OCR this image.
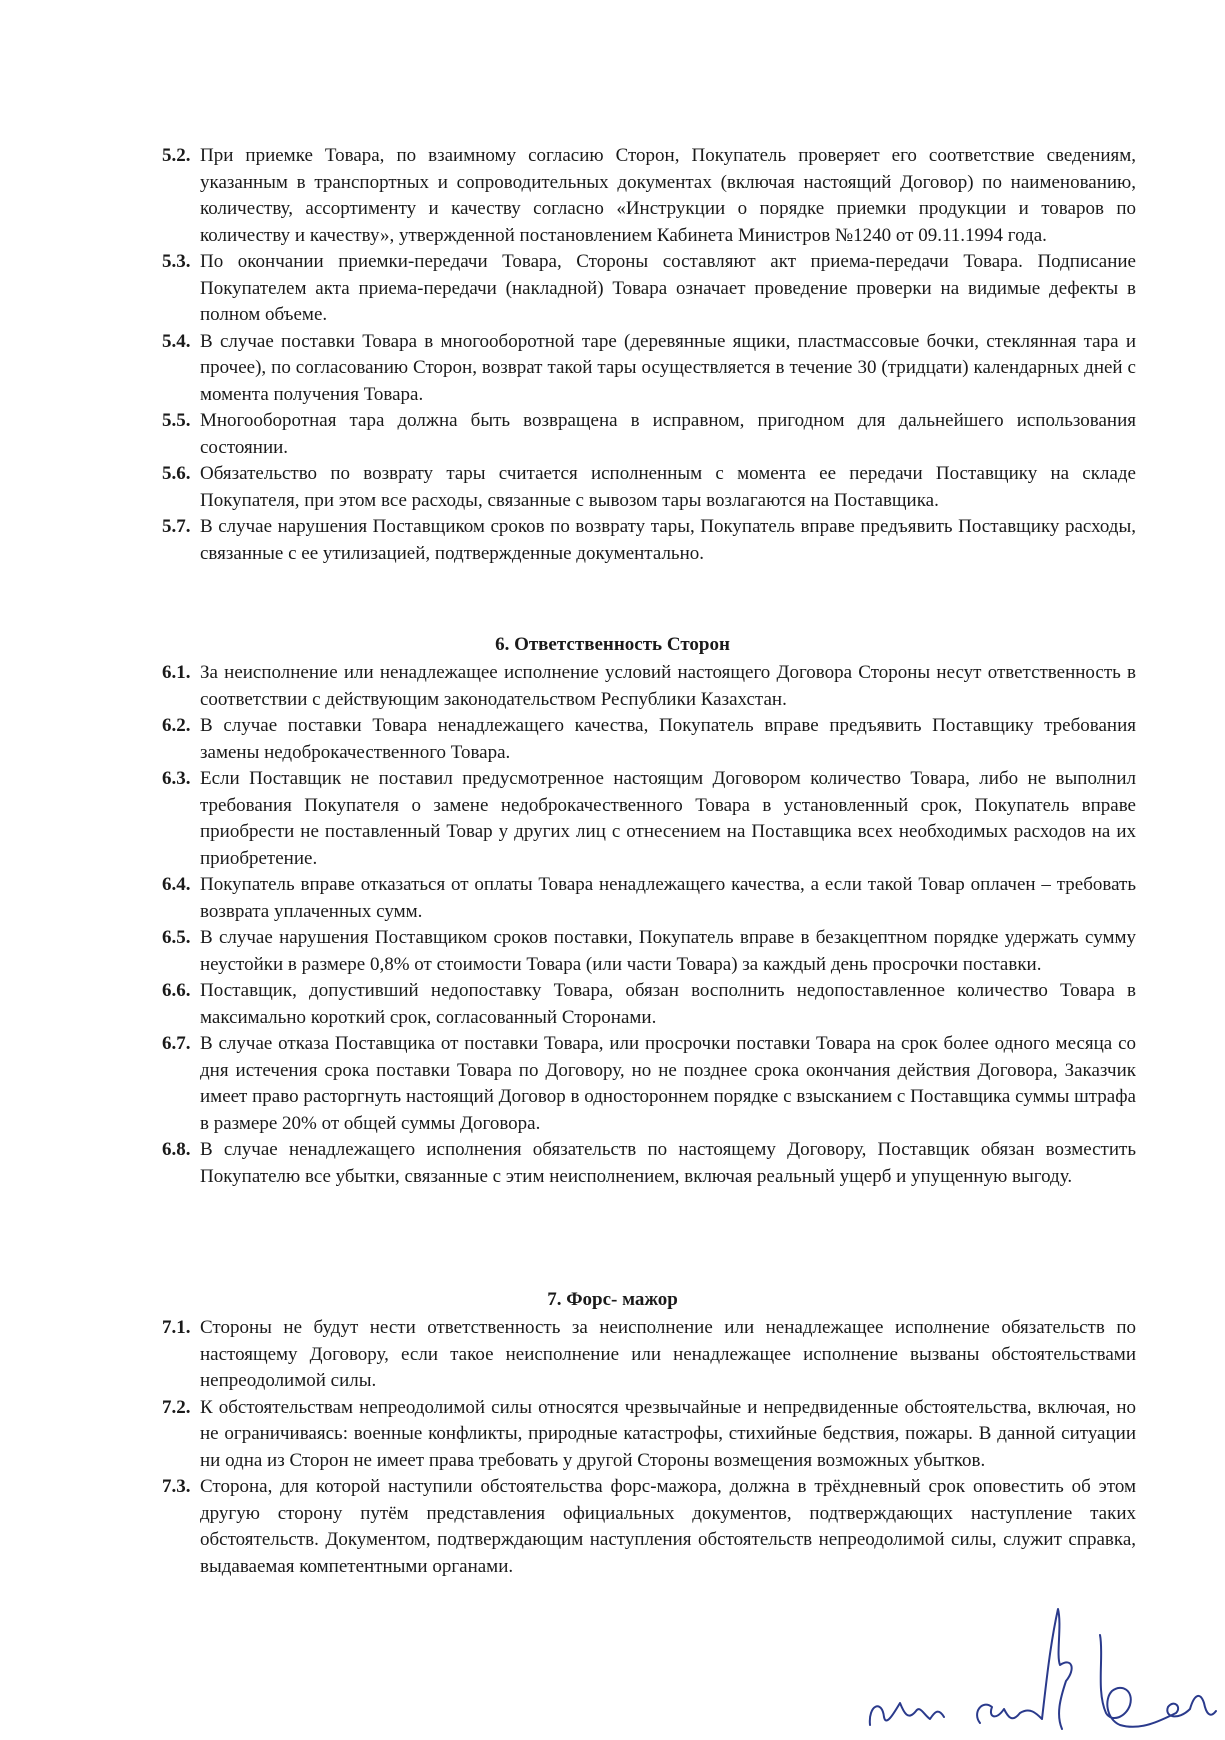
5.2. При приемке Товара, по взаимному согласию Сторон, Покупатель проверяет его соответствие сведениям, указанным в транспортных и сопроводительных документах (включая настоящий Договор) по наименованию, количеству, ассортименту и качеству согласно «Инструкции о порядке приемки продукции и товаров по количеству и качеству», утвержденной постановлением Кабинета Министров №1240 от 09.11.1994 года.

5.3. По окончании приемки-передачи Товара, Стороны составляют акт приема-передачи Товара. Подписание Покупателем акта приема-передачи (накладной) Товара означает проведение проверки на видимые дефекты в полном объеме.

5.4. В случае поставки Товара в многооборотной таре (деревянные ящики, пластмассовые бочки, стеклянная тара и прочее), по согласованию Сторон, возврат такой тары осуществляется в течение 30 (тридцати) календарных дней с момента получения Товара.

5.5. Многооборотная тара должна быть возвращена в исправном, пригодном для дальнейшего использования состоянии.

5.6. Обязательство по возврату тары считается исполненным с момента ее передачи Поставщику на складе Покупателя, при этом все расходы, связанные с вывозом тары возлагаются на Поставщика.

5.7. В случае нарушения Поставщиком сроков по возврату тары, Покупатель вправе предъявить Поставщику расходы, связанные с ее утилизацией, подтвержденные документально.

6. Ответственность Сторон
6.1. За неисполнение или ненадлежащее исполнение условий настоящего Договора Стороны несут ответственность в соответствии с действующим законодательством Республики Казахстан.

6.2. В случае поставки Товара ненадлежащего качества, Покупатель вправе предъявить Поставщику требования замены недоброкачественного Товара.

6.3. Если Поставщик не поставил предусмотренное настоящим Договором количество Товара, либо не выполнил требования Покупателя о замене недоброкачественного Товара в установленный срок, Покупатель вправе приобрести не поставленный Товар у других лиц с отнесением на Поставщика всех необходимых расходов на их приобретение.

6.4. Покупатель вправе отказаться от оплаты Товара ненадлежащего качества, а если такой Товар оплачен – требовать возврата уплаченных сумм.

6.5. В случае нарушения Поставщиком сроков поставки, Покупатель вправе в безакцептном порядке удержать сумму неустойки в размере 0,8% от стоимости Товара (или части Товара) за каждый день просрочки поставки.

6.6. Поставщик, допустивший недопоставку Товара, обязан восполнить недопоставленное количество Товара в максимально короткий срок, согласованный Сторонами.

6.7. В случае отказа Поставщика от поставки Товара, или просрочки поставки Товара на срок более одного месяца со дня истечения срока поставки Товара по Договору, но не позднее срока окончания действия Договора, Заказчик имеет право расторгнуть настоящий Договор в одностороннем порядке с взысканием с Поставщика суммы штрафа в размере 20% от общей суммы Договора.

6.8. В случае ненадлежащего исполнения обязательств по настоящему Договору, Поставщик обязан возместить Покупателю все убытки, связанные с этим неисполнением, включая реальный ущерб и упущенную выгоду.

7. Форс- мажор
7.1. Стороны не будут нести ответственность за неисполнение или ненадлежащее исполнение обязательств по настоящему Договору, если такое неисполнение или ненадлежащее исполнение вызваны обстоятельствами непреодолимой силы.

7.2. К обстоятельствам непреодолимой силы относятся чрезвычайные и непредвиденные обстоятельства, включая, но не ограничиваясь: военные конфликты, природные катастрофы, стихийные бедствия, пожары. В данной ситуации ни одна из Сторон не имеет права требовать у другой Стороны возмещения возможных убытков.

7.3. Сторона, для которой наступили обстоятельства форс-мажора, должна в трёхдневный срок оповестить об этом другую сторону путём представления официальных документов, подтверждающих наступление таких обстоятельств. Документом, подтверждающим наступления обстоятельств непреодолимой силы, служит справка, выдаваемая компетентными органами.
